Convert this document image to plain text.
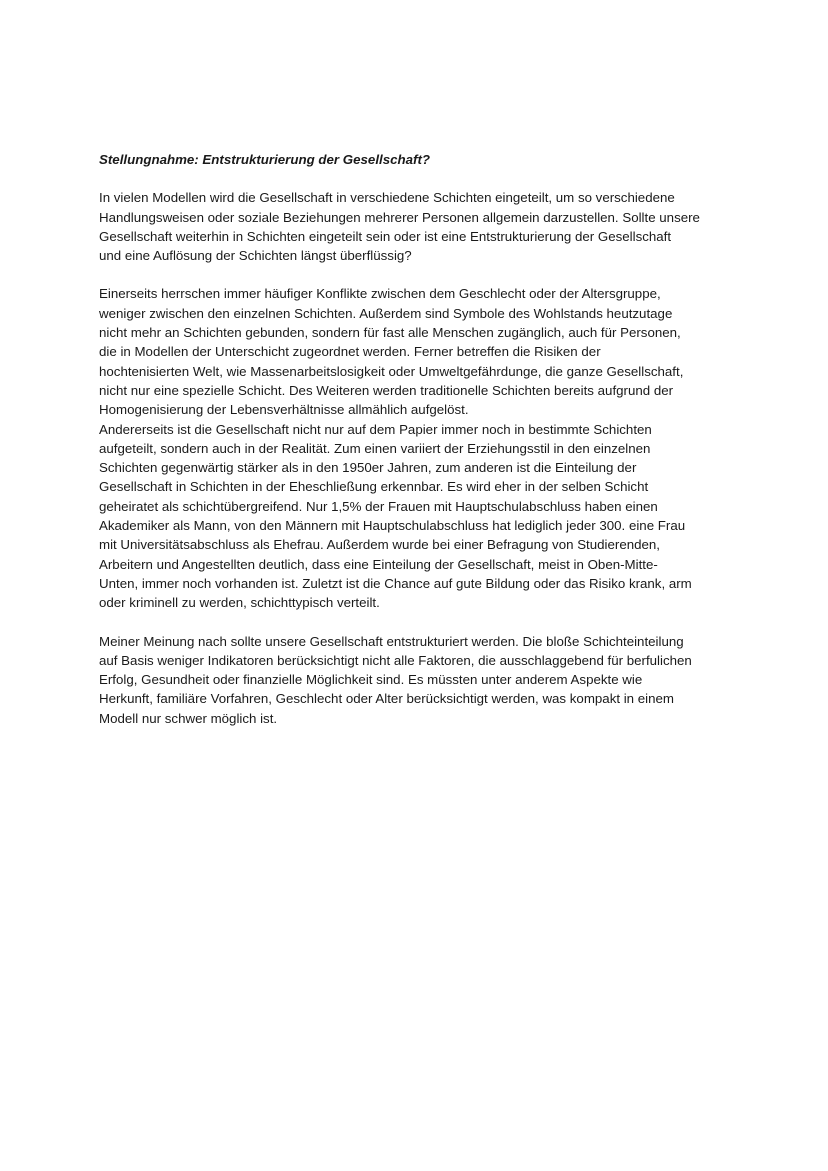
Stellungnahme: Entstrukturierung der Gesellschaft?
In vielen Modellen wird die Gesellschaft in verschiedene Schichten eingeteilt, um so verschiedene
Handlungsweisen oder soziale Beziehungen mehrerer Personen allgemein darzustellen. Sollte unsere
Gesellschaft weiterhin in Schichten eingeteilt sein oder ist eine Entstrukturierung der Gesellschaft
und eine Auflösung der Schichten längst überflüssig?
Einerseits herrschen immer häufiger Konflikte zwischen dem Geschlecht oder der Altersgruppe,
weniger zwischen den einzelnen Schichten. Außerdem sind Symbole des Wohlstands heutzutage
nicht mehr an Schichten gebunden, sondern für fast alle Menschen zugänglich, auch für Personen,
die in Modellen der Unterschicht zugeordnet werden. Ferner betreffen die Risiken der
hochtenisierten Welt, wie Massenarbeitslosigkeit oder Umweltgefährdunge, die ganze Gesellschaft,
nicht nur eine spezielle Schicht. Des Weiteren werden traditionelle Schichten bereits aufgrund der
Homogenisierung der Lebensverhältnisse allmählich aufgelöst.
Andererseits ist die Gesellschaft nicht nur auf dem Papier immer noch in bestimmte Schichten
aufgeteilt, sondern auch in der Realität. Zum einen variiert der Erziehungsstil in den einzelnen
Schichten gegenwärtig stärker als in den 1950er Jahren, zum anderen ist die Einteilung der
Gesellschaft in Schichten in der Eheschließung erkennbar. Es wird eher in der selben Schicht
geheiratet als schichtübergreifend. Nur 1,5% der Frauen mit Hauptschulabschluss haben einen
Akademiker als Mann, von den Männern mit Hauptschulabschluss hat lediglich jeder 300. eine Frau
mit Universitätsabschluss als Ehefrau. Außerdem wurde bei einer Befragung von Studierenden,
Arbeitern und Angestellten deutlich, dass eine Einteilung der Gesellschaft, meist in Oben-Mitte-
Unten, immer noch vorhanden ist. Zuletzt ist die Chance auf gute Bildung oder das Risiko krank, arm
oder kriminell zu werden, schichttypisch verteilt.
Meiner Meinung nach sollte unsere Gesellschaft entstrukturiert werden. Die bloße Schichteinteilung
auf Basis weniger Indikatoren berücksichtigt nicht alle Faktoren, die ausschlaggebend für berfulichen
Erfolg, Gesundheit oder finanzielle Möglichkeit sind. Es müssten unter anderem Aspekte wie
Herkunft, familiäre Vorfahren, Geschlecht oder Alter berücksichtigt werden, was kompakt in einem
Modell nur schwer möglich ist.
